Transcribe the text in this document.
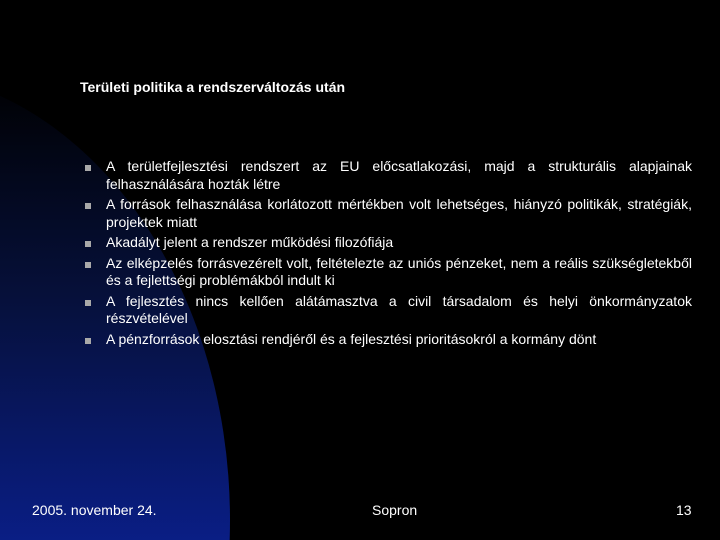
Területi politika a rendszerváltozás után
A területfejlesztési rendszert az EU előcsatlakozási, majd a strukturális alapjainak felhasználására hozták létre
A források felhasználása korlátozott mértékben volt lehetséges, hiányzó politikák, stratégiák, projektek miatt
Akadályt jelent a rendszer működési filozófiája
Az elképzelés forrásvezérelt volt, feltételezte az uniós pénzeket, nem a reális szükségletekből és a fejlettségi problémákból indult ki
A fejlesztés nincs kellően alátámasztva a civil társadalom és helyi önkormányzatok részvételével
A pénzforrások elosztási rendjéről és a fejlesztési prioritásokról a kormány dönt
2005. november 24.	Sopron	13
